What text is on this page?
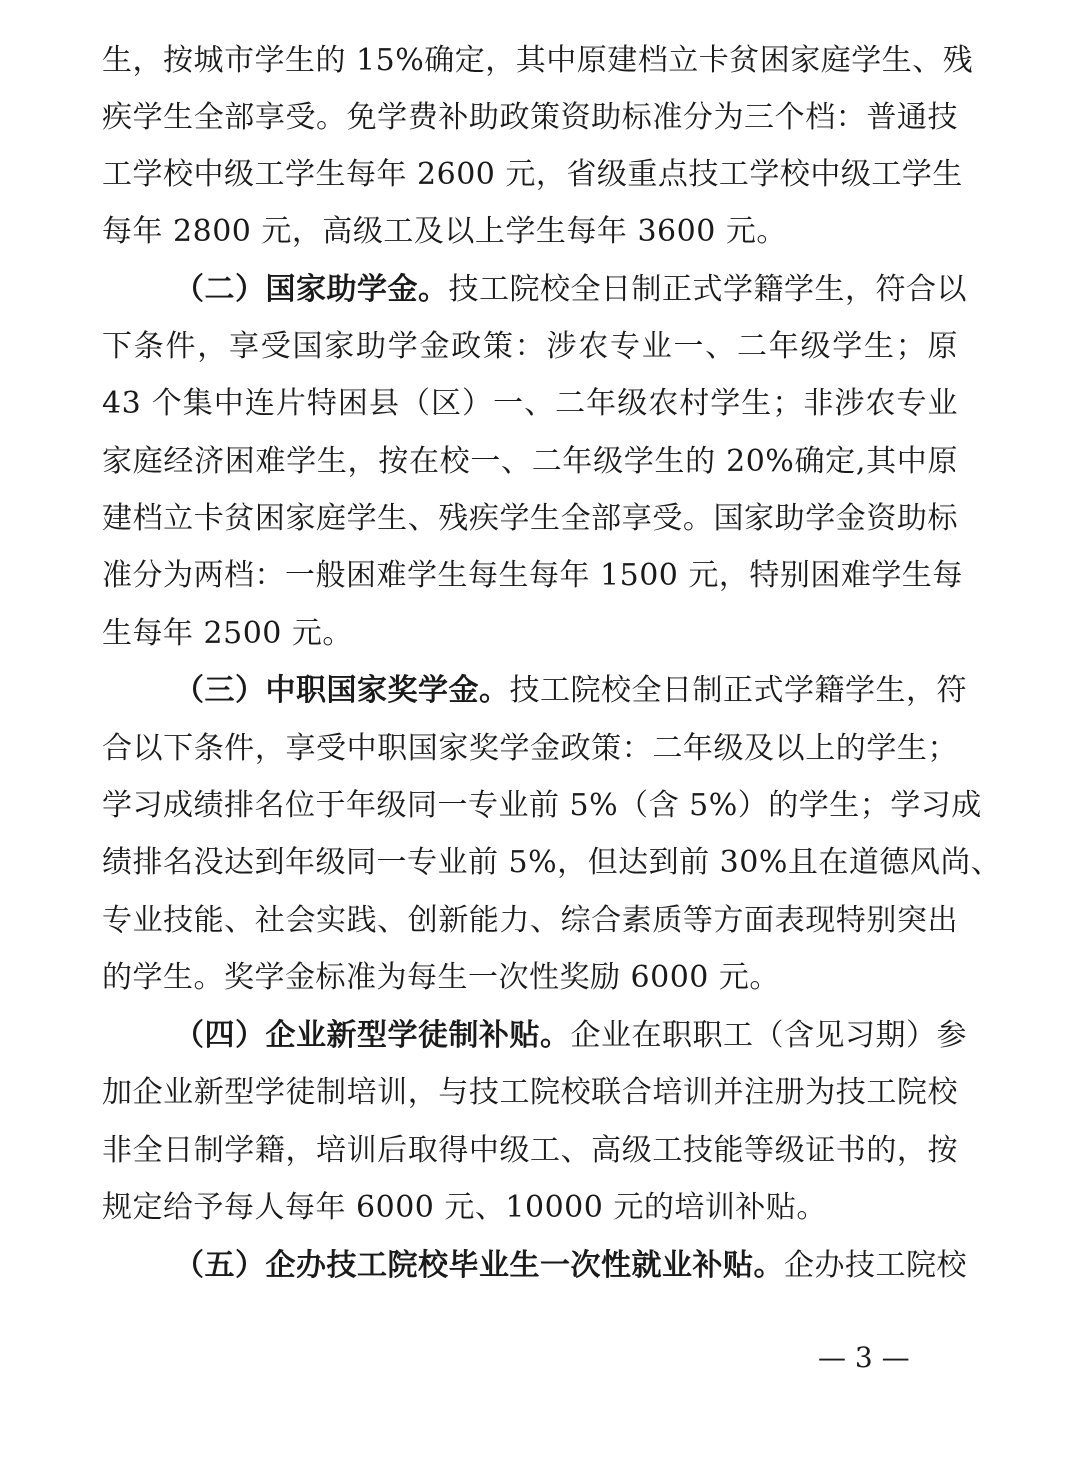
生，按城市学生的 15%确定，其中原建档立卡贫困家庭学生、残
疾学生全部享受。免学费补助政策资助标准分为三个档：普通技
工学校中级工学生每年 2600 元，省级重点技工学校中级工学生
每年 2800 元，高级工及以上学生每年 3600 元。
（二）国家助学金。技工院校全日制正式学籍学生，符合以
下条件，享受国家助学金政策：涉农专业一、二年级学生；原
43 个集中连片特困县（区）一、二年级农村学生；非涉农专业
家庭经济困难学生，按在校一、二年级学生的 20%确定,其中原
建档立卡贫困家庭学生、残疾学生全部享受。国家助学金资助标
准分为两档：一般困难学生每生每年 1500 元，特别困难学生每
生每年 2500 元。
（三）中职国家奖学金。技工院校全日制正式学籍学生，符
合以下条件，享受中职国家奖学金政策：二年级及以上的学生；
学习成绩排名位于年级同一专业前 5%（含 5%）的学生；学习成
绩排名没达到年级同一专业前 5%，但达到前 30%且在道德风尚、
专业技能、社会实践、创新能力、综合素质等方面表现特别突出
的学生。奖学金标准为每生一次性奖励 6000 元。
（四）企业新型学徒制补贴。企业在职职工（含见习期）参
加企业新型学徒制培训，与技工院校联合培训并注册为技工院校
非全日制学籍，培训后取得中级工、高级工技能等级证书的，按
规定给予每人每年 6000 元、10000 元的培训补贴。
（五）企办技工院校毕业生一次性就业补贴。企办技工院校
— 3 —
